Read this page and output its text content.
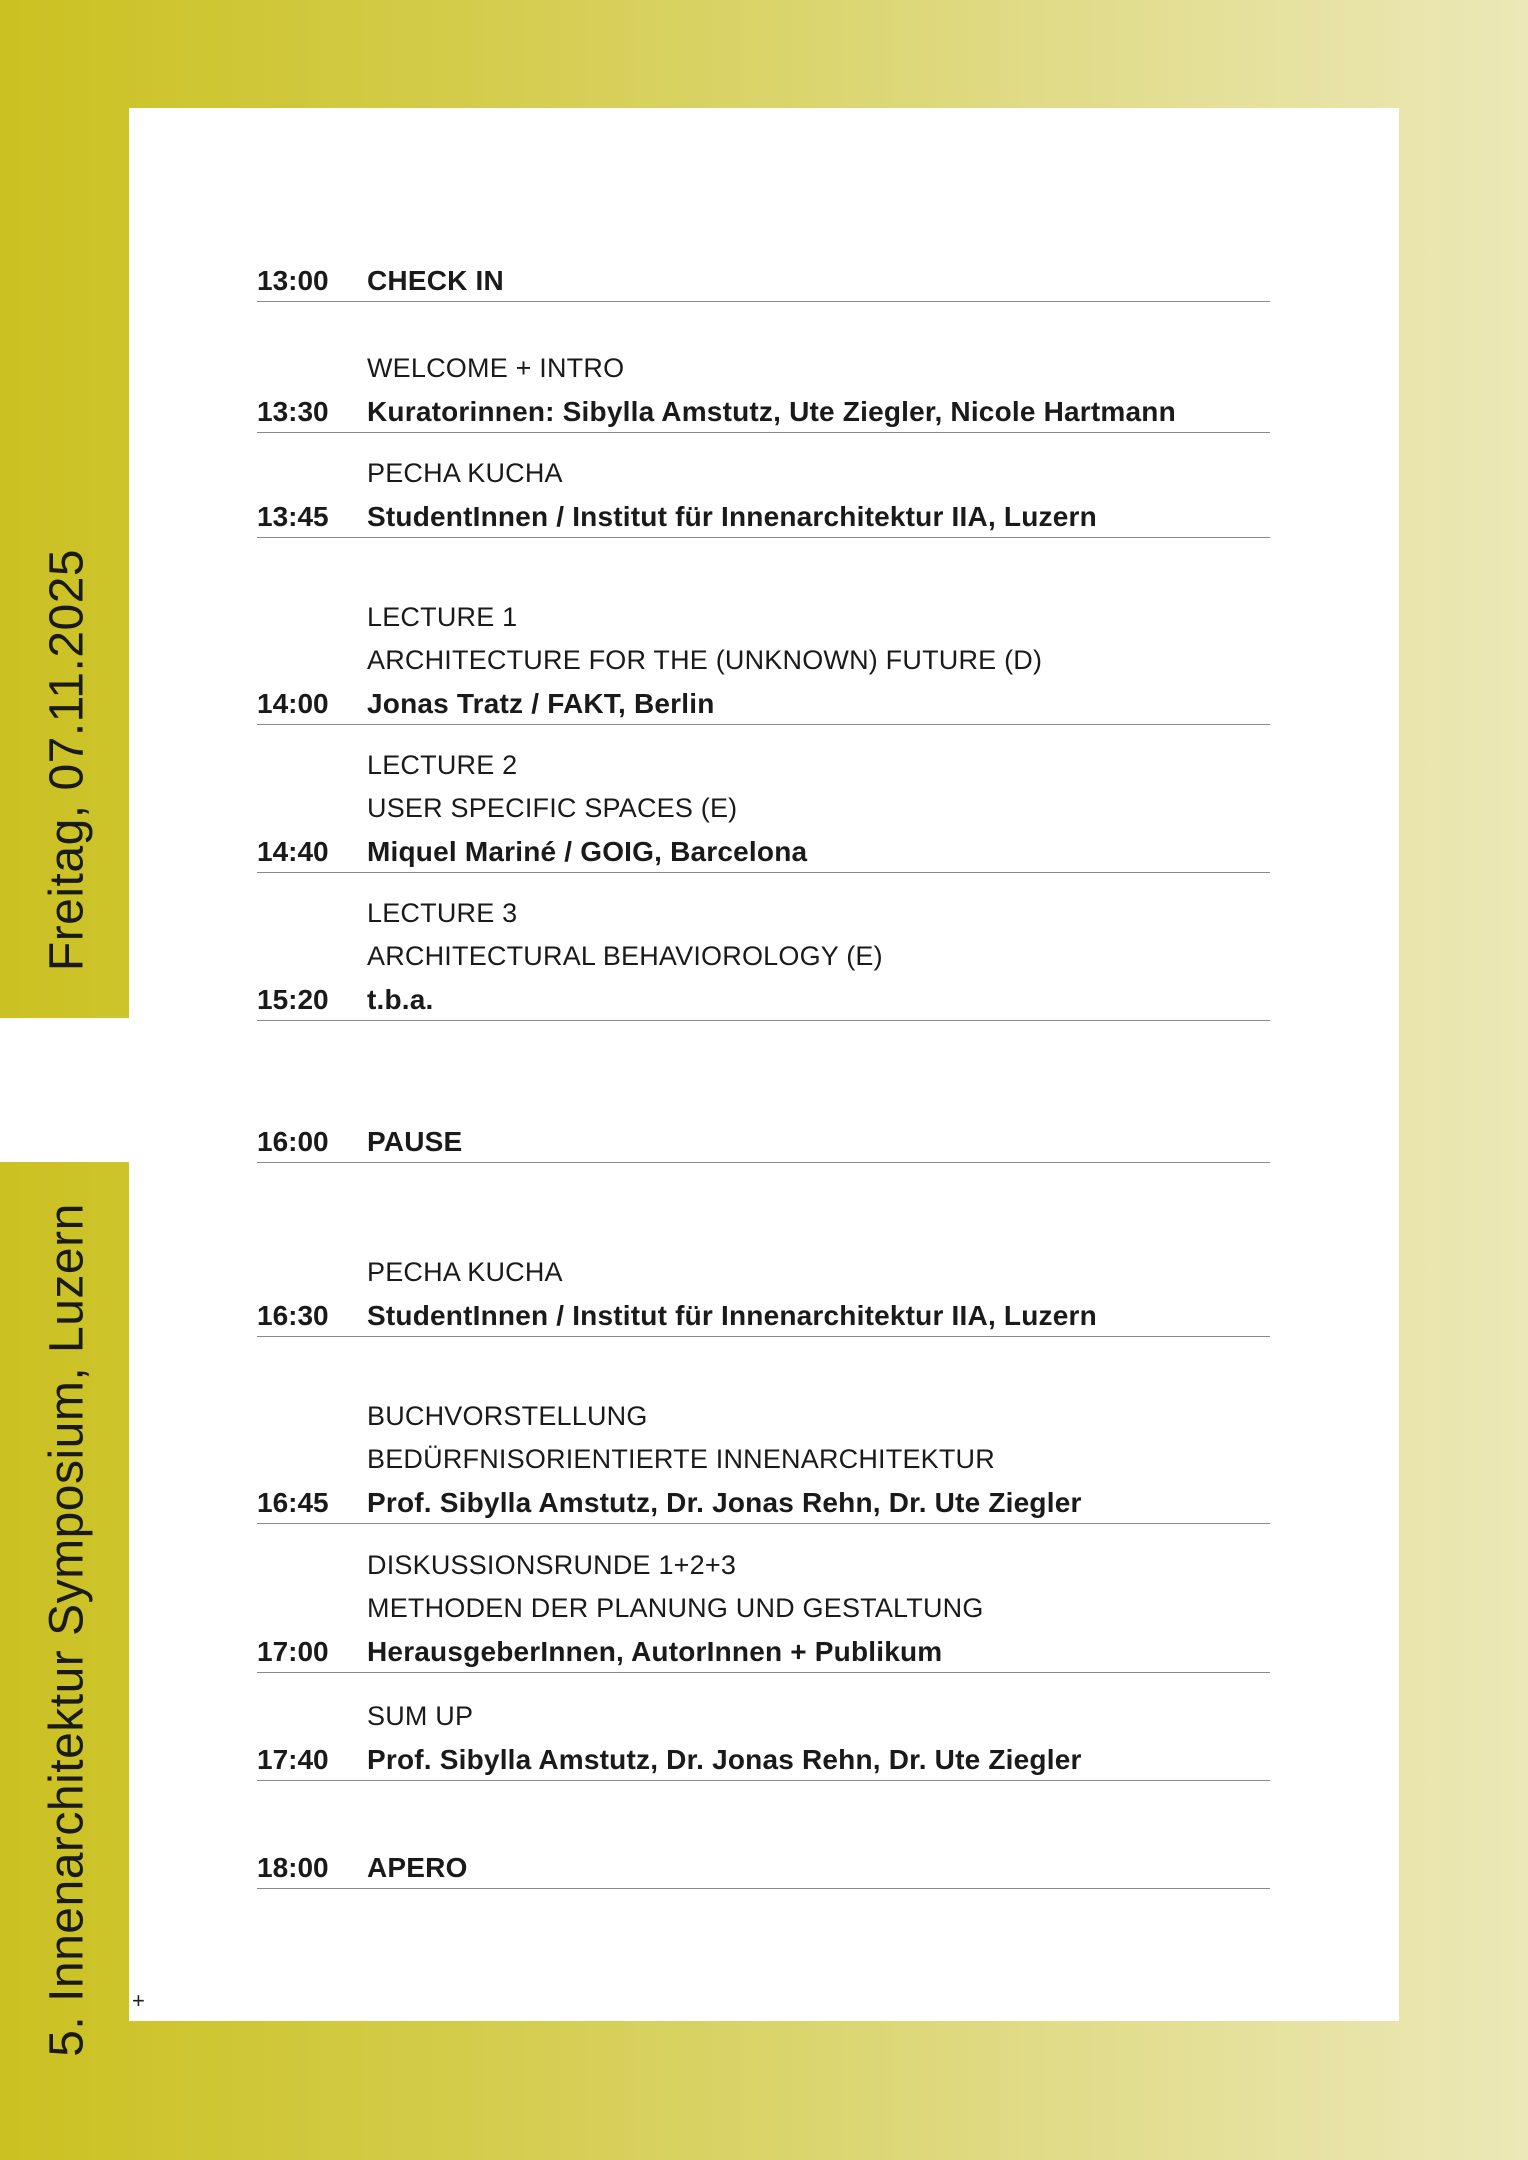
Freitag, 07.11.2025
5. Innenarchitektur Symposium, Luzern +
13:00 CHECK IN
13:30
WELCOME + INTRO
Kuratorinnen: Sibylla Amstutz, Ute Ziegler, Nicole Hartmann
13:45
PECHA KUCHA
StudentInnen / Institut für Innenarchitektur IIA, Luzern
14:00
LECTURE 1
ARCHITECTURE FOR THE (UNKNOWN) FUTURE (D)
Jonas Tratz / FAKT, Berlin
14:40
LECTURE 2
USER SPECIFIC SPACES (E)
Miquel Mariné / GOIG, Barcelona
15:20
LECTURE 3
ARCHITECTURAL BEHAVIOROLOGY (E)
t.b.a.
16:00 PAUSE
16:30
PECHA KUCHA
StudentInnen / Institut für Innenarchitektur IIA, Luzern
16:45
BUCHVORSTELLUNG
BEDÜRFNISORIENTIERTE INNENARCHITEKTUR
Prof. Sibylla Amstutz, Dr. Jonas Rehn, Dr. Ute Ziegler
17:00
DISKUSSIONSRUNDE 1+2+3
METHODEN DER PLANUNG UND GESTALTUNG
HerausgeberInnen, AutorInnen + Publikum
17:40
SUM UP
Prof. Sibylla Amstutz, Dr. Jonas Rehn, Dr. Ute Ziegler
18:00 APERO
